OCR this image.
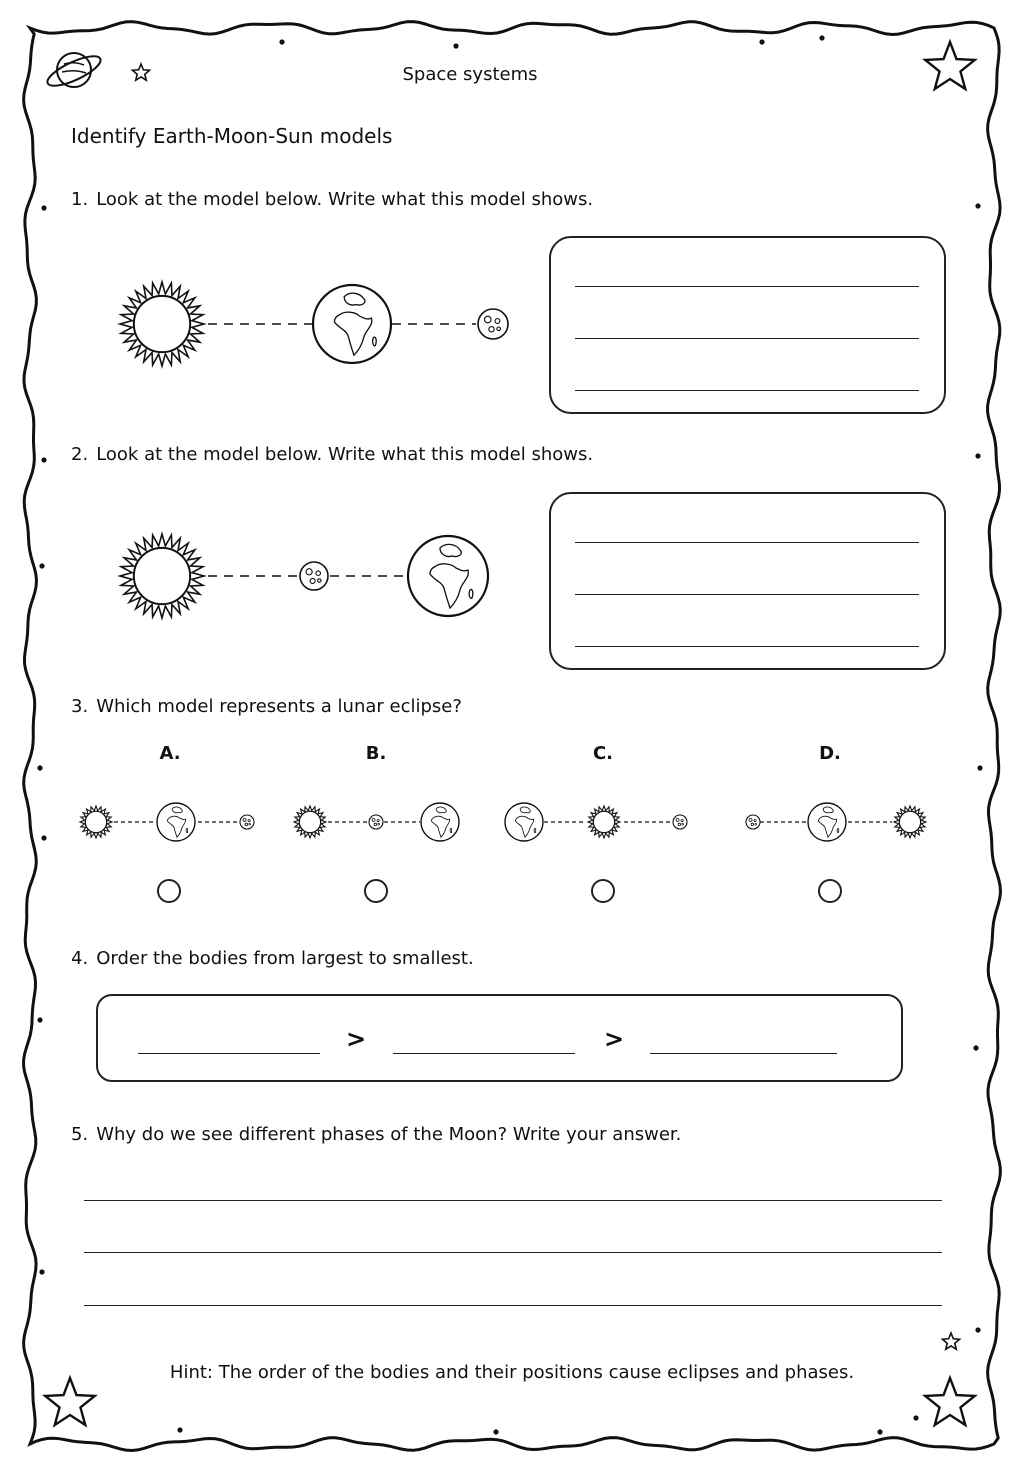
Space systems
Identify Earth-Moon-Sun models
1. Look at the model below. Write what this model shows.
2. Look at the model below. Write what this model shows.
3. Which model represents a lunar eclipse?
A.	B.	C.	D.
4. Order the bodies from largest to smallest.
>	>
5. Why do we see different phases of the Moon? Write your answer.
Hint: The order of the bodies and their positions cause eclipses and phases.
